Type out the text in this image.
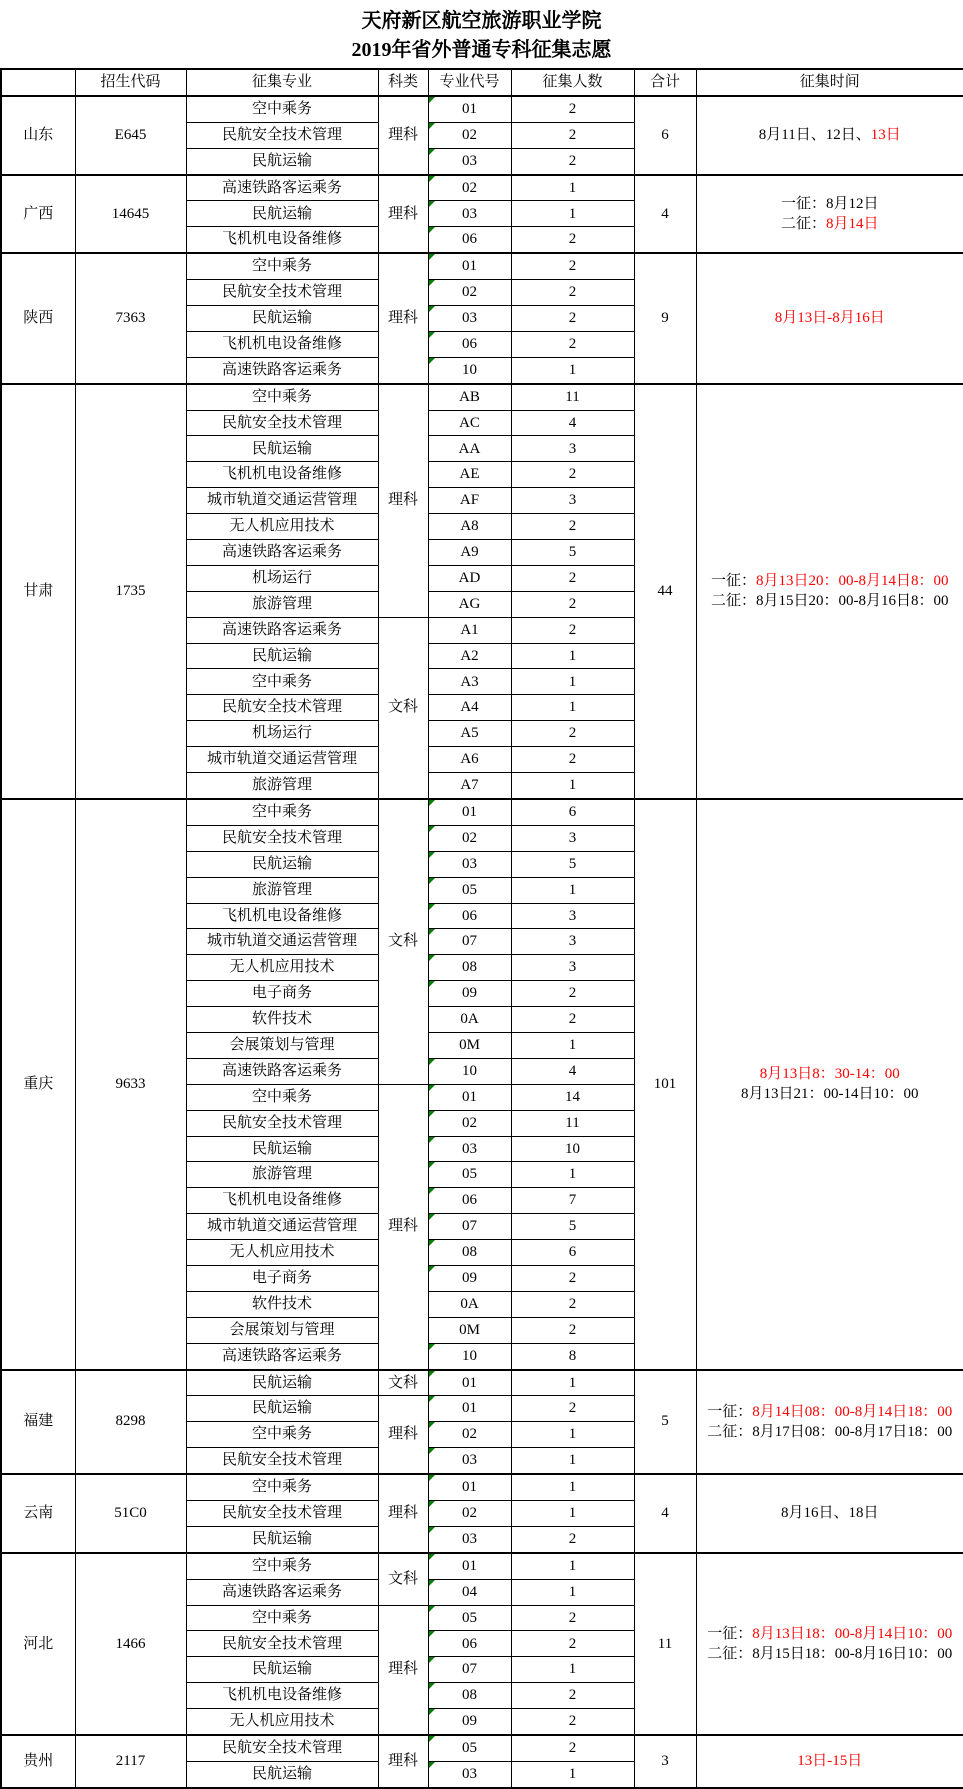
天府新区航空旅游职业学院
2019年省外普通专科征集志愿
	招生代码	征集专业	科类	专业代号	征集人数	合计	征集时间
山东	E645	空中乘务	理科	01	2	6	8月11日、12日、13日

		民航安全技术管理		02	2		
		民航运输		03	2		
广西	14645	高速铁路客运乘务	理科	02	1	4	一征：8月12日
二征：8月14日

		民航运输		03	1		
		飞机机电设备维修		06	2		
陕西	7363	空中乘务	理科	01	2	9	8月13日-8月16日

		民航安全技术管理		02	2		
		民航运输		03	2		
		飞机机电设备维修		06	2		
		高速铁路客运乘务		10	1		
甘肃	1735	空中乘务	理科	AB	11	44	一征：8月13日20：00-8月14日8：00
二征：8月15日20：00-8月16日8：00

		民航安全技术管理		AC	4		
		民航运输		AA	3		
		飞机机电设备维修		AE	2		
		城市轨道交通运营管理		AF	3		
		无人机应用技术		A8	2		
		高速铁路客运乘务		A9	5		
		机场运行		AD	2		
		旅游管理		AG	2		
		高速铁路客运乘务	文科	A1	2		
		民航运输		A2	1		
		空中乘务		A3	1		
		民航安全技术管理		A4	1		
		机场运行		A5	2		
		城市轨道交通运营管理		A6	2		
		旅游管理		A7	1		
重庆	9633	空中乘务	文科	01	6	101	8月13日8：30-14：00
8月13日21：00-14日10：00

		民航安全技术管理		02	3		
		民航运输		03	5		
		旅游管理		05	1		
		飞机机电设备维修		06	3		
		城市轨道交通运营管理		07	3		
		无人机应用技术		08	3		
		电子商务		09	2		
		软件技术		0A	2		
		会展策划与管理		0M	1		
		高速铁路客运乘务		10	4		
		空中乘务	理科	01	14		
		民航安全技术管理		02	11		
		民航运输		03	10		
		旅游管理		05	1		
		飞机机电设备维修		06	7		
		城市轨道交通运营管理		07	5		
		无人机应用技术		08	6		
		电子商务		09	2		
		软件技术		0A	2		
		会展策划与管理		0M	2		
		高速铁路客运乘务		10	8		
福建	8298	民航运输	文科	01	1	5	一征：8月14日08：00-8月14日18：00
二征：8月17日08：00-8月17日18：00

		民航运输	理科	01	2		
		空中乘务		02	1		
		民航安全技术管理		03	1		
云南	51C0	空中乘务	理科	01	1	4	8月16日、18日

		民航安全技术管理		02	1		
		民航运输		03	2		
河北	1466	空中乘务	文科	01	1	11	一征：8月13日18：00-8月14日10：00
二征：8月15日18：00-8月16日10：00

		高速铁路客运乘务		04	1		
		空中乘务	理科	05	2		
		民航安全技术管理		06	2		
		民航运输		07	1		
		飞机机电设备维修		08	2		
		无人机应用技术		09	2		
贵州	2117	民航安全技术管理	理科	05	2	3	13日-15日

		民航运输		03	1		
